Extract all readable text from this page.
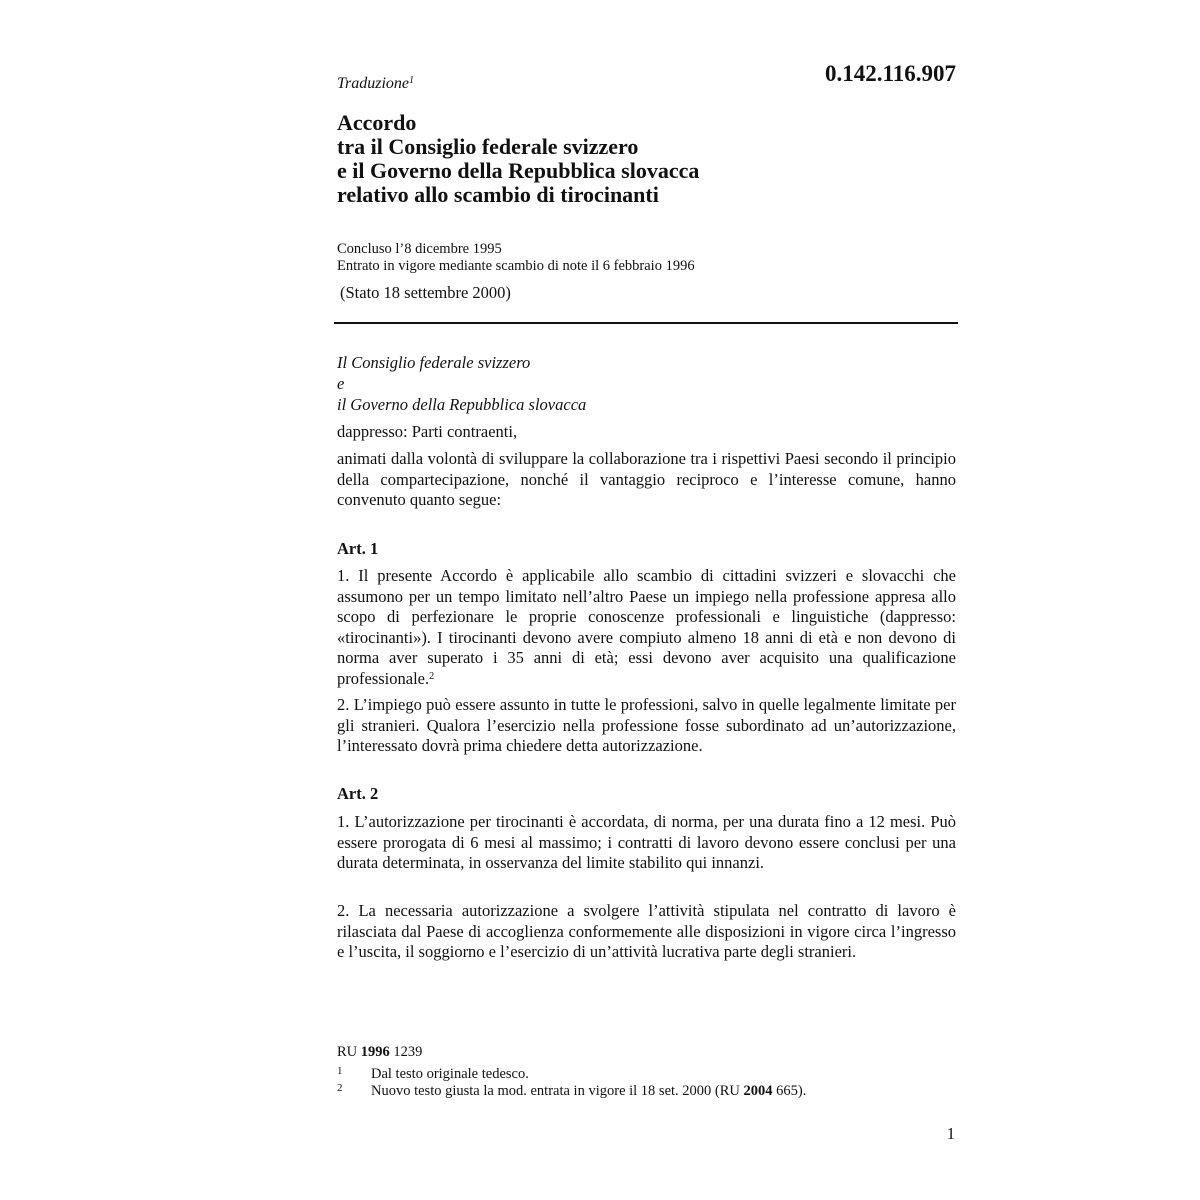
0.142.116.907
Traduzione$^1$
Accordo
tra il Consiglio federale svizzero
e il Governo della Repubblica slovacca
relativo allo scambio di tirocinanti
Concluso l’8 dicembre 1995
Entrato in vigore mediante scambio di note il 6 febbraio 1996
(Stato 18 settembre 2000)
Il Consiglio federale svizzero
e
il Governo della Repubblica slovacca
dappresso: Parti contraenti,
animati dalla volontà di sviluppare la collaborazione tra i rispettivi Paesi secondo il principio della compartecipazione, nonché il vantaggio reciproco e l’interesse comune, hanno convenuto quanto segue:
Art. 1
1. Il presente Accordo è applicabile allo scambio di cittadini svizzeri e slovacchi che assumono per un tempo limitato nell’altro Paese un impiego nella professione appresa allo scopo di perfezionare le proprie conoscenze professionali e linguistiche (dappresso: «tirocinanti»). I tirocinanti devono avere compiuto almeno 18 anni di età e non devono di norma aver superato i 35 anni di età; essi devono aver acquisito una qualificazione professionale.$^2$
2. L’impiego può essere assunto in tutte le professioni, salvo in quelle legalmente limitate per gli stranieri. Qualora l’esercizio nella professione fosse subordinato ad un’autorizzazione, l’interessato dovrà prima chiedere detta autorizzazione.
Art. 2
1. L’autorizzazione per tirocinanti è accordata, di norma, per una durata fino a 12 mesi. Può essere prorogata di 6 mesi al massimo; i contratti di lavoro devono essere conclusi per una durata determinata, in osservanza del limite stabilito qui innanzi.
2. La necessaria autorizzazione a svolgere l’attività stipulata nel contratto di lavoro è rilasciata dal Paese di accoglienza conformemente alle disposizioni in vigore circa l’ingresso e l’uscita, il soggiorno e l’esercizio di un’attività lucrativa parte degli stranieri.
RU 1996 1239
1 Dal testo originale tedesco.
2 Nuovo testo giusta la mod. entrata in vigore il 18 set. 2000 (RU 2004 665).
1
